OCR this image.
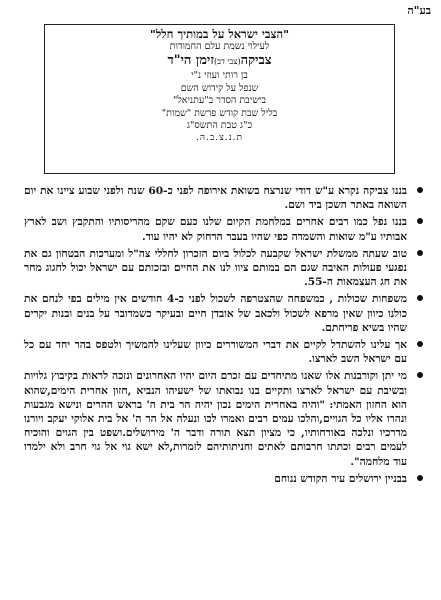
בע"ה
"הצבי ישראל על במותיך חלל"
לעילוי נשמת עלם החמודות
צביקה(צבי דב)זימן הי"ד
בן רותי ועוזי נ"י
שנפל על קידוש השם
בישיבת הסדר ב"עתניאל"
בליל שבת קודש פרשת "שמות"
כ"ג טבת התשס"ג
ת.נ.צ.ב.ה.
בננו צביקה נקרא ע"ש דודי שנרצח בשואת אירופה לפני כ-60 שנה ולפני שבוע ציינו את יום השואה באתר השכן ביד ושם.
בננו נפל כמו רבים אחרים במלחמת הקיום שלנו כעם שקם מהריסותיו והתקבץ ושב לארץ אבותיו ע"מ שואות והשמדה כפי שהיו בעבר הרחוק לא יהיו עוד.
טוב שעתה ממשלת ישראל שקבעה לכלול ביום הזכרון לחללי צה"ל ומערכות הבטחון גם את נפגעי פעולות האיבה שגם הם במותם ציוו לנו את החיים ובזכותם עם ישראל יכול לחגוג מחר את חג העצמאות ה-55.
משפחות שכולות , כמשפחה שהצטרפה לשכול לפני כ-4 חודשים אין מילים בפי לנחם את כולנו כיוון שאין מרפא לשכול ולכאב של אובדן חיים ובעיקר כשמדובר על בנים ובנות יקרים שהיו בשיא פריחתם.
אך עלינו להשתדל לקיים את דברי המשוררים כיוון שעלינו להמשיך ולטפס בהר יחד עם כל עם ישראל השב לארצו.
מי יתן וקורבנות אלו שאנו מתיחדים עם זכרם היום יהיו האחרונים ונזכה לראות בקיבוץ גלויות ובשיבת עם ישראל לארצו ותקיים בנו נבואתו של ישעיהו הנביא ,חזון אחרית הימים,שהוא הוא החזון האמתי: "והיה באחרית הימים נכון יהיה הר בית ה' בראש ההרים ונישא מגבעות ונהרו אליו כל הגויים,והלכו עמים רבים ואמרו לכו ונעלה אל הר ה' אל בית אלוקי יעקב ויורנו מדרכיו ונלכה באורחותיו, כי מציון תצא תורה ודבר ה' מירושלים.ושפט בין הגוים והוכיח לעמים רבים וכתתו חרבותם לאתים וחניתותיהם לזמרות,לא ישא גוי אל גוי חרב ולא ילמדו עוד מלחמה".
בבניין ירושלים עיר הקודש ננוחם
